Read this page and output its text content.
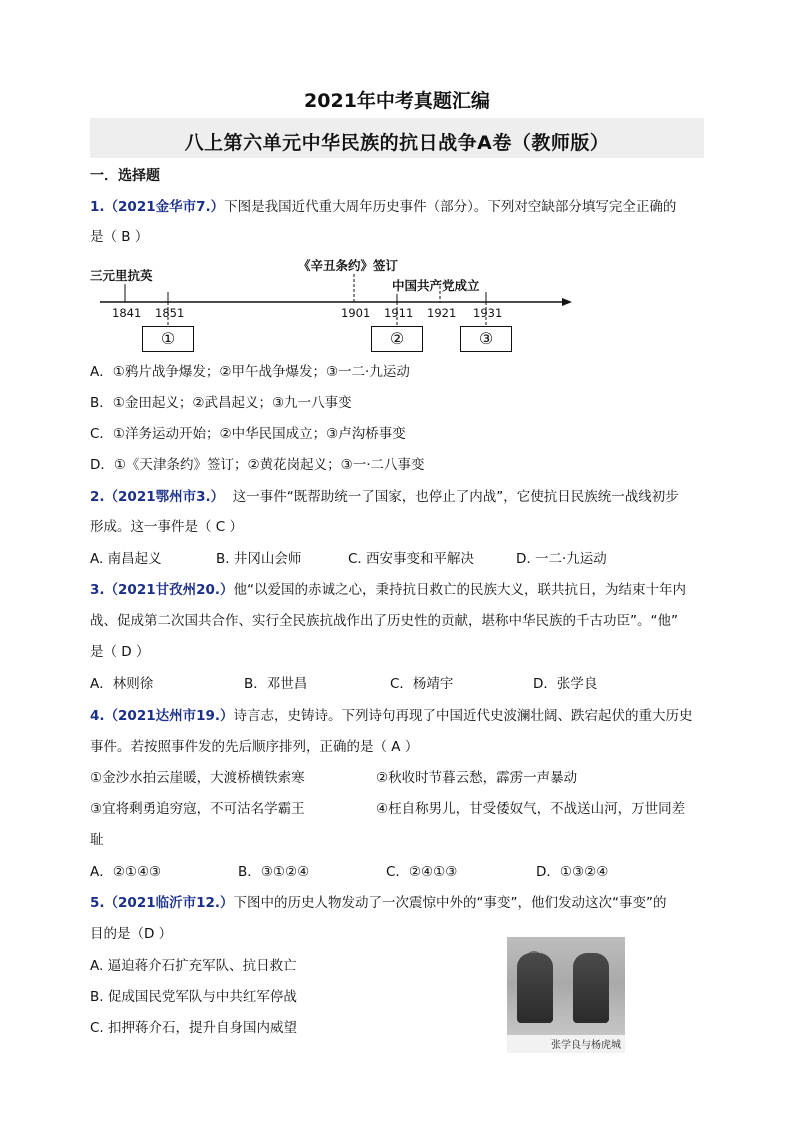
2021年中考真题汇编
八上第六单元中华民族的抗日战争A卷（教师版）
一．选择题
1.（2021金华市7.）下图是我国近代重大周年历史事件（部分）。下列对空缺部分填写完全正确的
是（ B ）
三元里抗英
《辛丑条约》签订
中国共产党成立
1841 1851	1901 1911 1921 1931
①	②	③
A．①鸦片战争爆发；②甲午战争爆发；③一二·九运动
B．①金田起义；②武昌起义；③九一八事变
C．①洋务运动开始；②中华民国成立；③卢沟桥事变
D．①《天津条约》签订；②黄花岗起义；③一·二八事变
2.（2021鄂州市3.） 这一事件“既帮助统一了国家，也停止了内战”，它使抗日民族统一战线初步
形成。这一事件是（ C ）
A. 南昌起义	B. 井冈山会师	C. 西安事变和平解决	D. 一二·九运动
3.（2021甘孜州20.）他“以爱国的赤诚之心，秉持抗日救亡的民族大义，联共抗日，为结束十年内
战、促成第二次国共合作、实行全民族抗战作出了历史性的贡献，堪称中华民族的千古功臣”。“他”
是（ D ）
A．林则徐	B．邓世昌	C．杨靖宇	D．张学良
4.（2021达州市19.）诗言志，史铸诗。下列诗句再现了中国近代史波澜壮阔、跌宕起伏的重大历史
事件。若按照事件发的先后顺序排列，正确的是（ A ）
①金沙水拍云崖暖，大渡桥横铁索寒	②秋收时节暮云愁，霹雳一声暴动
③宜将剩勇追穷寇，不可沽名学霸王	④枉自称男儿，甘受倭奴气，不战送山河，万世同差
耻
A．②①④③	B．③①②④	C．②④①③	D．①③②④
5.（2021临沂市12.）下图中的历史人物发动了一次震惊中外的“事变”，他们发动这次“事变”的
目的是（D ）
A. 逼迫蒋介石扩充军队、抗日救亡
B. 促成国民党军队与中共红军停战
C. 扣押蒋介石，提升自身国内威望
张学良与杨虎城
